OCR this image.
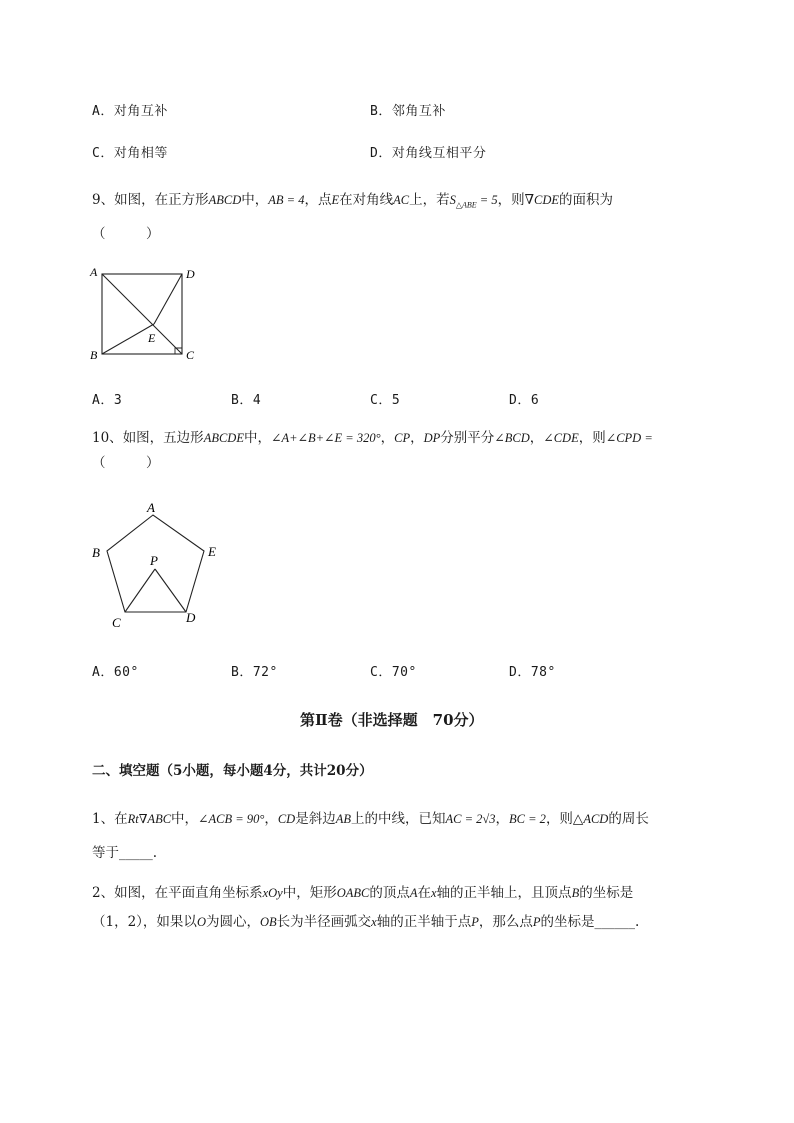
A．对角互补	B．邻角互补
C．对角相等	D．对角线互相平分
9、如图，在正方形ABCD中，AB = 4，点E在对角线AC上，若$S_{\triangle ABE} = 5$，则∇CDE的面积为
（　　　）
A	D
B	C
E
A．3	B．4	C．5	D．6
10、如图，五边形ABCDE中，∠A+∠B+∠E = 320°，CP，DP分别平分∠BCD，∠CDE，则∠CPD =
（　　　）
A
B	E
P
C	D
A．60°	B．72°	C．70°	D．78°
第Ⅱ卷（非选择题　70分）
二、填空题（5小题，每小题4分，共计20分）
1、在Rt∇ABC中，∠ACB = 90°，CD是斜边AB上的中线，已知AC = 2√3，BC = 2，则△ACD的周长
等于_____.
2、如图，在平面直角坐标系xOy中，矩形OABC的顶点A在x轴的正半轴上，且顶点B的坐标是
（1，2），如果以O为圆心，OB长为半径画弧交x轴的正半轴于点P，那么点P的坐标是______.
